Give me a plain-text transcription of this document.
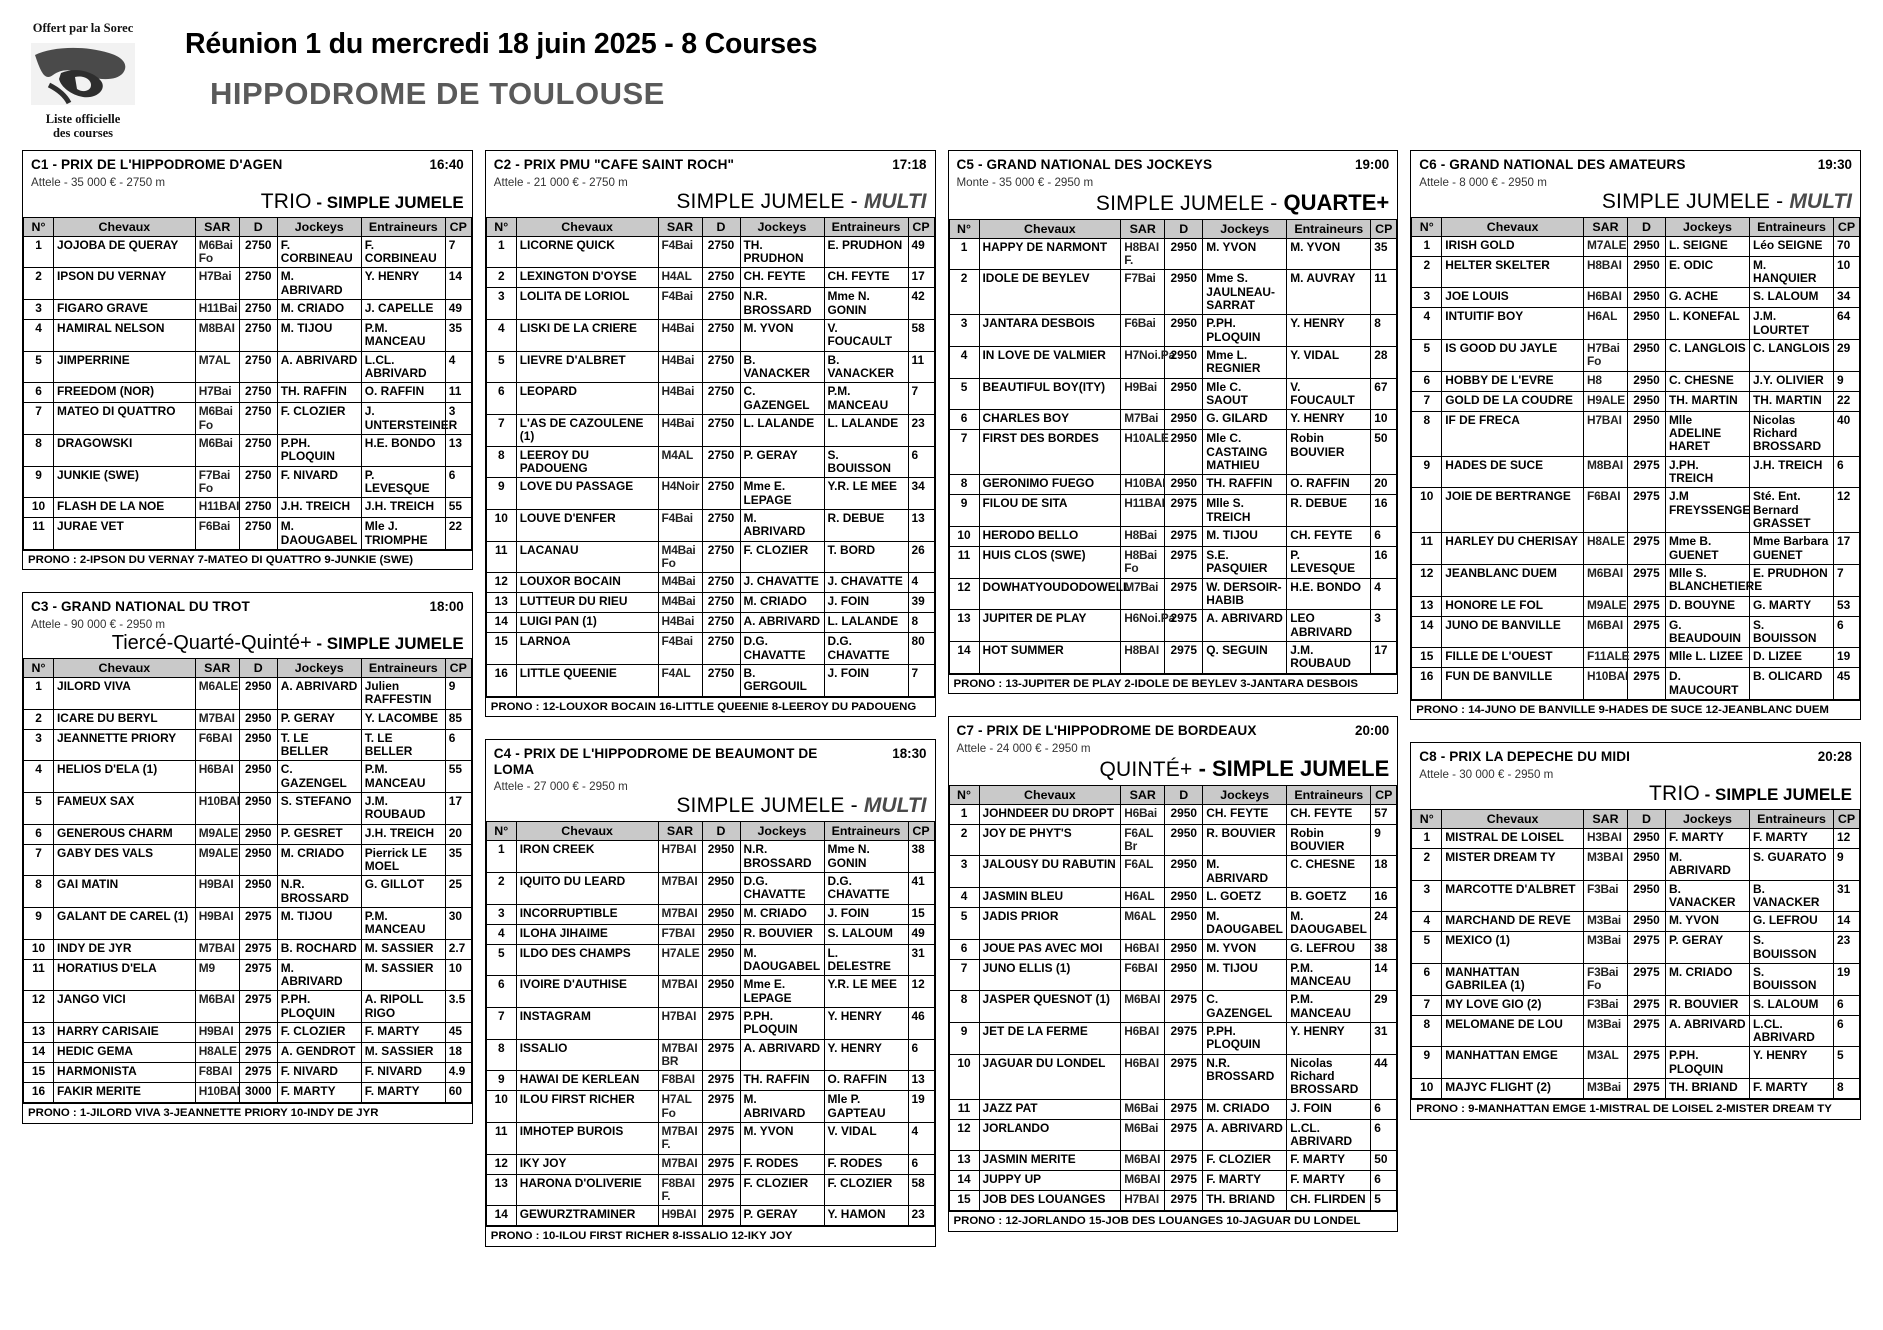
Offert par la Sorec
Liste officielle
des courses
Réunion 1 du mercredi 18 juin 2025 - 8 Courses
HIPPODROME DE TOULOUSE
C1 - PRIX DE L'HIPPODROME D'AGEN	16:40
Attele - 35 000 € - 2750 m
TRIO - SIMPLE JUMELE
N°	Chevaux	SAR	D	Jockeys	Entraineurs	CP
1	JOJOBA DE QUERAY	M6Bai Fo	2750	F. CORBINEAU	F. CORBINEAU	7
2	IPSON DU VERNAY	H7Bai	2750	M. ABRIVARD	Y. HENRY	14
3	FIGARO GRAVE	H11Bai	2750	M. CRIADO	J. CAPELLE	49
4	HAMIRAL NELSON	M8BAI	2750	M. TIJOU	P.M. MANCEAU	35
5	JIMPERRINE	M7AL	2750	A. ABRIVARD	L.CL. ABRIVARD	4
6	FREEDOM (NOR)	H7Bai	2750	TH. RAFFIN	O. RAFFIN	11
7	MATEO DI QUATTRO	M6Bai Fo	2750	F. CLOZIER	J. UNTERSTEINER	3
8	DRAGOWSKI	M6Bai	2750	P.PH. PLOQUIN	H.E. BONDO	13
9	JUNKIE (SWE)	F7Bai Fo	2750	F. NIVARD	P. LEVESQUE	6
10	FLASH DE LA NOE	H11BAI	2750	J.H. TREICH	J.H. TREICH	55
11	JURAE VET	F6Bai	2750	M. DAOUGABEL	Mle J. TRIOMPHE	22
PRONO : 2-IPSON DU VERNAY 7-MATEO DI QUATTRO 9-JUNKIE (SWE)
C3 - GRAND NATIONAL DU TROT	18:00
Attele - 90 000 € - 2950 m
Tiercé-Quarté-Quinté+ - SIMPLE JUMELE
N°	Chevaux	SAR	D	Jockeys	Entraineurs	CP
1	JILORD VIVA	M6ALE	2950	A. ABRIVARD	Julien RAFFESTIN	9
2	ICARE DU BERYL	M7BAI	2950	P. GERAY	Y. LACOMBE	85
3	JEANNETTE PRIORY	F6BAI	2950	T. LE BELLER	T. LE BELLER	6
4	HELIOS D'ELA (1)	H6BAI	2950	C. GAZENGEL	P.M. MANCEAU	55
5	FAMEUX SAX	H10BAI	2950	S. STEFANO	J.M. ROUBAUD	17
6	GENEROUS CHARM	M9ALE	2950	P. GESRET	J.H. TREICH	20
7	GABY DES VALS	M9ALE	2950	M. CRIADO	Pierrick LE MOEL	35
8	GAI MATIN	H9BAI	2950	N.R. BROSSARD	G. GILLOT	25
9	GALANT DE CAREL (1)	H9BAI	2975	M. TIJOU	P.M. MANCEAU	30
10	INDY DE JYR	M7BAI	2975	B. ROCHARD	M. SASSIER	2.7
11	HORATIUS D'ELA	M9	2975	M. ABRIVARD	M. SASSIER	10
12	JANGO VICI	M6BAI	2975	P.PH. PLOQUIN	A. RIPOLL RIGO	3.5
13	HARRY CARISAIE	H9BAI	2975	F. CLOZIER	F. MARTY	45
14	HEDIC GEMA	H8ALE	2975	A. GENDROT	M. SASSIER	18
15	HARMONISTA	F8BAI	2975	F. NIVARD	F. NIVARD	4.9
16	FAKIR MERITE	H10BAI	3000	F. MARTY	F. MARTY	60
PRONO : 1-JILORD VIVA 3-JEANNETTE PRIORY 10-INDY DE JYR
C2 - PRIX PMU "CAFE SAINT ROCH"	17:18
Attele - 21 000 € - 2750 m
SIMPLE JUMELE - MULTI
N°	Chevaux	SAR	D	Jockeys	Entraineurs	CP
1	LICORNE QUICK	F4Bai	2750	TH. PRUDHON	E. PRUDHON	49
2	LEXINGTON D'OYSE	H4AL	2750	CH. FEYTE	CH. FEYTE	17
3	LOLITA DE LORIOL	F4Bai	2750	N.R. BROSSARD	Mme N. GONIN	42
4	LISKI DE LA CRIERE	H4Bai	2750	M. YVON	V. FOUCAULT	58
5	LIEVRE D'ALBRET	H4Bai	2750	B. VANACKER	B. VANACKER	11
6	LEOPARD	H4Bai	2750	C. GAZENGEL	P.M. MANCEAU	7
7	L'AS DE CAZOULENE (1)	H4Bai	2750	L. LALANDE	L. LALANDE	23
8	LEEROY DU PADOUENG	M4AL	2750	P. GERAY	S. BOUISSON	6
9	LOVE DU PASSAGE	H4Noir	2750	Mme E. LEPAGE	Y.R. LE MEE	34
10	LOUVE D'ENFER	F4Bai	2750	M. ABRIVARD	R. DEBUE	13
11	LACANAU	M4Bai Fo	2750	F. CLOZIER	T. BORD	26
12	LOUXOR BOCAIN	M4Bai	2750	J. CHAVATTE	J. CHAVATTE	4
13	LUTTEUR DU RIEU	M4Bai	2750	M. CRIADO	J. FOIN	39
14	LUIGI PAN (1)	H4Bai	2750	A. ABRIVARD	L. LALANDE	8
15	LARNOA	F4Bai	2750	D.G. CHAVATTE	D.G. CHAVATTE	80
16	LITTLE QUEENIE	F4AL	2750	B. GERGOUIL	J. FOIN	7
PRONO : 12-LOUXOR BOCAIN 16-LITTLE QUEENIE 8-LEEROY DU PADOUENG
C4 - PRIX DE L'HIPPODROME DE BEAUMONT DE LOMA
18:30
Attele - 27 000 € - 2950 m
SIMPLE JUMELE - MULTI
N°	Chevaux	SAR	D	Jockeys	Entraineurs	CP
1	IRON CREEK	H7BAI	2950	N.R. BROSSARD	Mme N. GONIN	38
2	IQUITO DU LEARD	M7BAI	2950	D.G. CHAVATTE	D.G. CHAVATTE	41
3	INCORRUPTIBLE	M7BAI	2950	M. CRIADO	J. FOIN	15
4	ILOHA JIHAIME	F7BAI	2950	R. BOUVIER	S. LALOUM	49
5	ILDO DES CHAMPS	H7ALE	2950	M. DAOUGABEL	L. DELESTRE	31
6	IVOIRE D'AUTHISE	M7BAI	2950	Mme E. LEPAGE	Y.R. LE MEE	12
7	INSTAGRAM	H7BAI	2975	P.PH. PLOQUIN	Y. HENRY	46
8	ISSALIO	M7BAI BR	2975	A. ABRIVARD	Y. HENRY	6
9	HAWAI DE KERLEAN	F8BAI	2975	TH. RAFFIN	O. RAFFIN	13
10	ILOU FIRST RICHER	H7AL Fo	2975	M. ABRIVARD	Mle P. GAPTEAU	19
11	IMHOTEP BUROIS	M7BAI F.	2975	M. YVON	V. VIDAL	4
12	IKY JOY	M7BAI	2975	F. RODES	F. RODES	6
13	HARONA D'OLIVERIE	F8BAI F.	2975	F. CLOZIER	F. CLOZIER	58
14	GEWURZTRAMINER	H9BAI	2975	P. GERAY	Y. HAMON	23
PRONO : 10-ILOU FIRST RICHER 8-ISSALIO 12-IKY JOY
C5 - GRAND NATIONAL DES JOCKEYS	19:00
Monte - 35 000 € - 2950 m
SIMPLE JUMELE - QUARTE+
N°	Chevaux	SAR	D	Jockeys	Entraineurs	CP
1	HAPPY DE NARMONT	H8BAI F.	2950	M. YVON	M. YVON	35
2	IDOLE DE BEYLEV	F7Bai	2950	Mme S. JAULNEAU-SARRAT	M. AUVRAY	11
3	JANTARA DESBOIS	F6Bai	2950	P.PH. PLOQUIN	Y. HENRY	8
4	IN LOVE DE VALMIER	H7Noi.Pa	2950	Mme L. REGNIER	Y. VIDAL	28
5	BEAUTIFUL BOY(ITY)	H9Bai	2950	Mle C. SAOUT	V. FOUCAULT	67
6	CHARLES BOY	M7Bai	2950	G. GILARD	Y. HENRY	10
7	FIRST DES BORDES	H10ALE	2950	Mle C. CASTAING MATHIEU	Robin BOUVIER	50
8	GERONIMO FUEGO	H10BAI	2950	TH. RAFFIN	O. RAFFIN	20
9	FILOU DE SITA	H11BAI	2975	Mlle S. TREICH	R. DEBUE	16
10	HERODO BELLO	H8Bai	2975	M. TIJOU	CH. FEYTE	6
11	HUIS CLOS (SWE)	H8Bai Fo	2975	S.E. PASQUIER	P. LEVESQUE	16
12	DOWHATYOUDODOWELL	M7Bai	2975	W. DERSOIR-HABIB	H.E. BONDO	4
13	JUPITER DE PLAY	H6Noi.Pa	2975	A. ABRIVARD	LEO ABRIVARD	3
14	HOT SUMMER	H8BAI	2975	Q. SEGUIN	J.M. ROUBAUD	17
PRONO : 13-JUPITER DE PLAY 2-IDOLE DE BEYLEV 3-JANTARA DESBOIS
C7 - PRIX DE L'HIPPODROME DE BORDEAUX	20:00
Attele - 24 000 € - 2950 m
QUINTÉ+ - SIMPLE JUMELE
N°	Chevaux	SAR	D	Jockeys	Entraineurs	CP
1	JOHNDEER DU DROPT	H6Bai	2950	CH. FEYTE	CH. FEYTE	57
2	JOY DE PHYT'S	F6AL Br	2950	R. BOUVIER	Robin BOUVIER	9
3	JALOUSY DU RABUTIN	F6AL	2950	M. ABRIVARD	C. CHESNE	18
4	JASMIN BLEU	H6AL	2950	L. GOETZ	B. GOETZ	16
5	JADIS PRIOR	M6AL	2950	M. DAOUGABEL	M. DAOUGABEL	24
6	JOUE PAS AVEC MOI	H6BAI	2950	M. YVON	G. LEFROU	38
7	JUNO ELLIS (1)	F6BAI	2950	M. TIJOU	P.M. MANCEAU	14
8	JASPER QUESNOT (1)	M6BAI	2975	C. GAZENGEL	P.M. MANCEAU	29
9	JET DE LA FERME	H6BAI	2975	P.PH. PLOQUIN	Y. HENRY	31
10	JAGUAR DU LONDEL	H6BAI	2975	N.R. BROSSARD	Nicolas Richard BROSSARD	44
11	JAZZ PAT	M6Bai	2975	M. CRIADO	J. FOIN	6
12	JORLANDO	M6Bai	2975	A. ABRIVARD	L.CL. ABRIVARD	6
13	JASMIN MERITE	M6BAI	2975	F. CLOZIER	F. MARTY	50
14	JUPPY UP	M6BAI	2975	F. MARTY	F. MARTY	6
15	JOB DES LOUANGES	H7BAI	2975	TH. BRIAND	CH. FLIRDEN	5
PRONO : 12-JORLANDO 15-JOB DES LOUANGES 10-JAGUAR DU LONDEL
C6 - GRAND NATIONAL DES AMATEURS	19:30
Attele - 8 000 € - 2950 m
SIMPLE JUMELE - MULTI
N°	Chevaux	SAR	D	Jockeys	Entraineurs	CP
1	IRISH GOLD	M7ALE	2950	L. SEIGNE	Léo SEIGNE	70
2	HELTER SKELTER	H8BAI	2950	E. ODIC	M. HANQUIER	10
3	JOE LOUIS	H6BAI	2950	G. ACHE	S. LALOUM	34
4	INTUITIF BOY	H6AL	2950	L. KONEFAL	J.M. LOURTET	64
5	IS GOOD DU JAYLE	H7Bai Fo	2950	C. LANGLOIS	C. LANGLOIS	29
6	HOBBY DE L'EVRE	H8	2950	C. CHESNE	J.Y. OLIVIER	9
7	GOLD DE LA COUDRE	H9ALE	2950	TH. MARTIN	TH. MARTIN	22
8	IF DE FRECA	H7BAI	2950	Mlle ADELINE HARET	Nicolas Richard BROSSARD	40
9	HADES DE SUCE	M8BAI	2975	J.PH. TREICH	J.H. TREICH	6
10	JOIE DE BERTRANGE	F6BAI	2975	J.M FREYSSENGE	Sté. Ent. Bernard GRASSET	12
11	HARLEY DU CHERISAY	H8ALE	2975	Mme B. GUENET	Mme Barbara GUENET	17
12	JEANBLANC DUEM	M6BAI	2975	Mlle S. BLANCHETIERE	E. PRUDHON	7
13	HONORE LE FOL	M9ALE	2975	D. BOUYNE	G. MARTY	53
14	JUNO DE BANVILLE	M6BAI	2975	G. BEAUDOUIN	S. BOUISSON	6
15	FILLE DE L'OUEST	F11ALE	2975	Mlle L. LIZEE	D. LIZEE	19
16	FUN DE BANVILLE	H10BAI	2975	D. MAUCOURT	B. OLICARD	45
PRONO : 14-JUNO DE BANVILLE 9-HADES DE SUCE 12-JEANBLANC DUEM
C8 - PRIX LA DEPECHE DU MIDI	20:28
Attele - 30 000 € - 2950 m
TRIO - SIMPLE JUMELE
N°	Chevaux	SAR	D	Jockeys	Entraineurs	CP
1	MISTRAL DE LOISEL	H3BAI	2950	F. MARTY	F. MARTY	12
2	MISTER DREAM TY	M3BAI	2950	M. ABRIVARD	S. GUARATO	9
3	MARCOTTE D'ALBRET	F3Bai	2950	B. VANACKER	B. VANACKER	31
4	MARCHAND DE REVE	M3Bai	2950	M. YVON	G. LEFROU	14
5	MEXICO (1)	M3Bai	2975	P. GERAY	S. BOUISSON	23
6	MANHATTAN GABRILEA (1)	F3Bai Fo	2975	M. CRIADO	S. BOUISSON	19
7	MY LOVE GIO (2)	F3Bai	2975	R. BOUVIER	S. LALOUM	6
8	MELOMANE DE LOU	M3Bai	2975	A. ABRIVARD	L.CL. ABRIVARD	6
9	MANHATTAN EMGE	M3AL	2975	P.PH. PLOQUIN	Y. HENRY	5
10	MAJYC FLIGHT (2)	M3Bai	2975	TH. BRIAND	F. MARTY	8
PRONO : 9-MANHATTAN EMGE 1-MISTRAL DE LOISEL 2-MISTER DREAM TY
